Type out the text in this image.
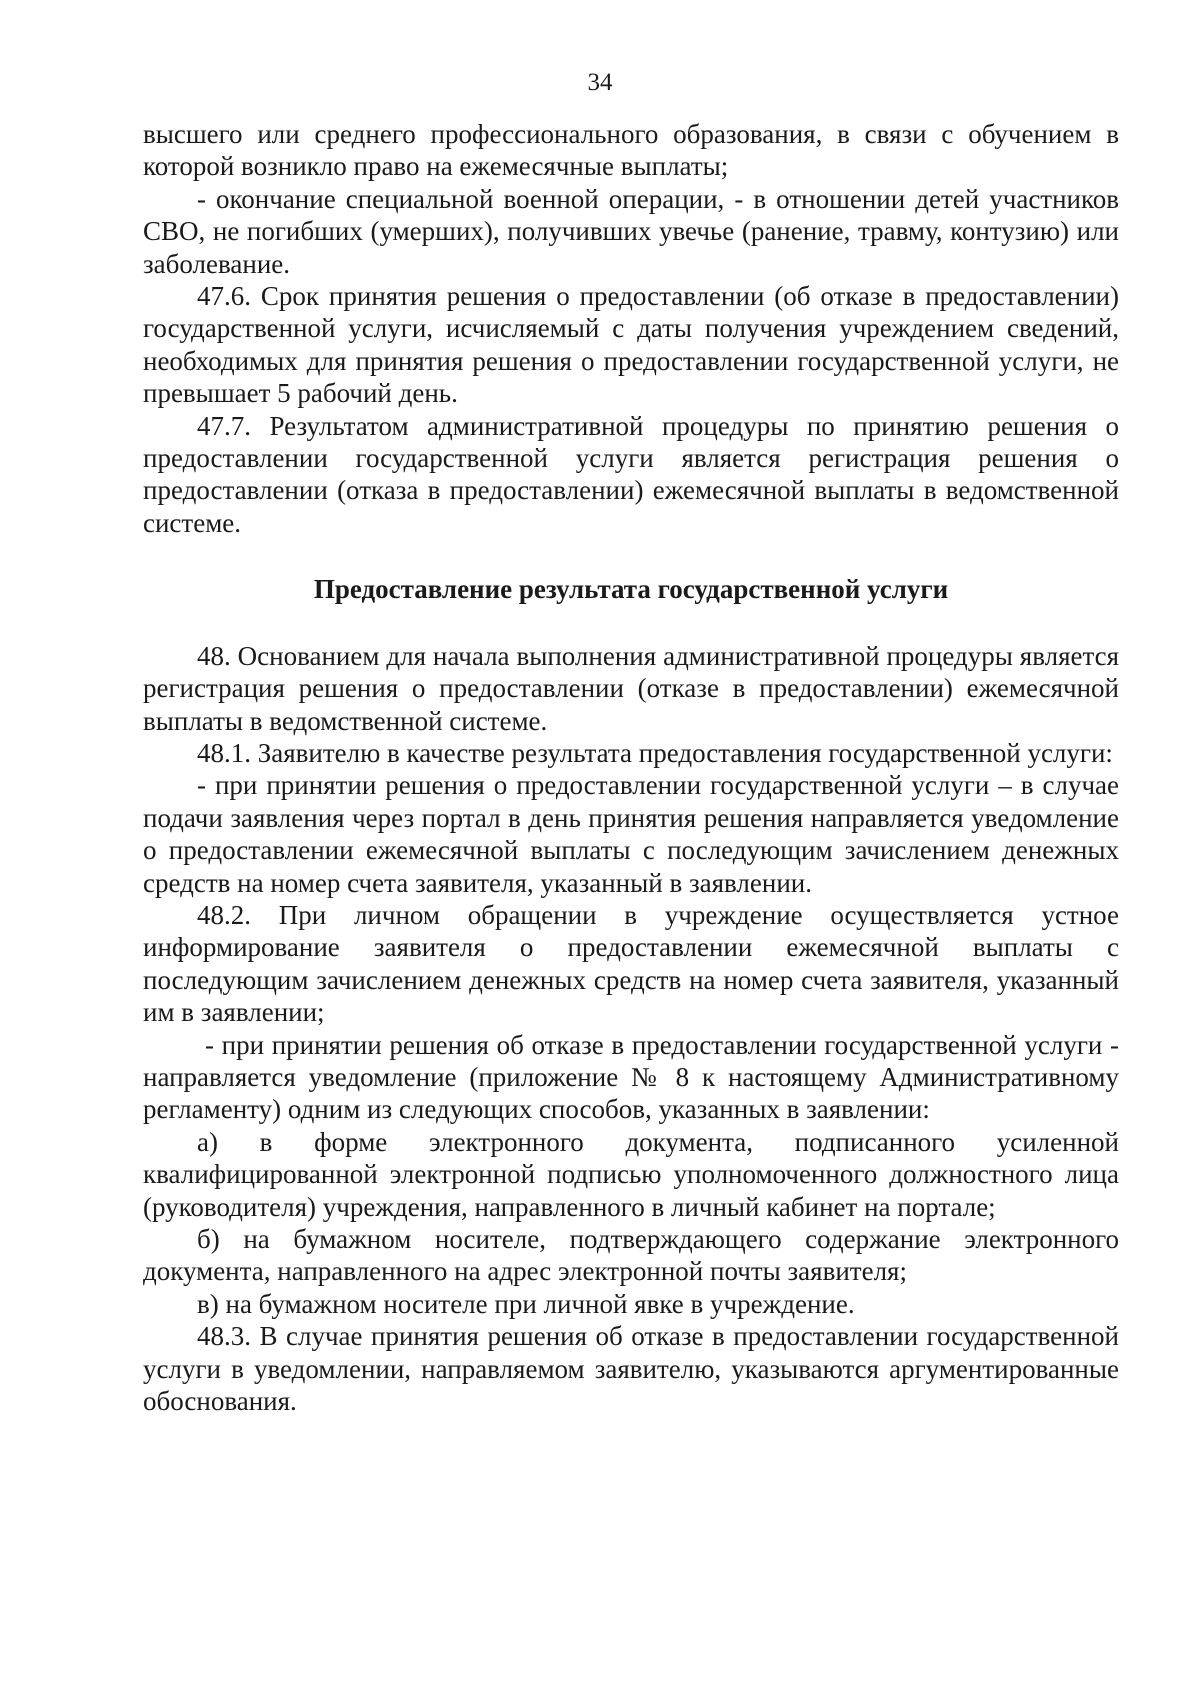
34

высшего или среднего профессионального образования, в связи с обучением в которой возникло право на ежемесячные выплаты;

- окончание специальной военной операции, - в отношении детей участников СВО, не погибших (умерших), получивших увечье (ранение, травму, контузию) или заболевание.

47.6. Срок принятия решения о предоставлении (об отказе в предоставлении) государственной услуги, исчисляемый с даты получения учреждением сведений, необходимых для принятия решения о предоставлении государственной услуги, не превышает 5 рабочий день.

47.7. Результатом административной процедуры по принятию решения о предоставлении государственной услуги является регистрация решения о предоставлении (отказа в предоставлении) ежемесячной выплаты в ведомственной системе.

Предоставление результата государственной услуги

48. Основанием для начала выполнения административной процедуры является регистрация решения о предоставлении (отказе в предоставлении) ежемесячной выплаты в ведомственной системе.

48.1. Заявителю в качестве результата предоставления государственной услуги:

- при принятии решения о предоставлении государственной услуги – в случае подачи заявления через портал в день принятия решения направляется уведомление о предоставлении ежемесячной выплаты с последующим зачислением денежных средств на номер счета заявителя, указанный в заявлении.

48.2. При личном обращении в учреждение осуществляется устное информирование заявителя о предоставлении ежемесячной выплаты с последующим зачислением денежных средств на номер счета заявителя, указанный им в заявлении;

- при принятии решения об отказе в предоставлении государственной услуги - направляется уведомление (приложение № 8 к настоящему Административному регламенту) одним из следующих способов, указанных в заявлении:

а) в форме электронного документа, подписанного усиленной квалифицированной электронной подписью уполномоченного должностного лица (руководителя) учреждения, направленного в личный кабинет на портале;

б) на бумажном носителе, подтверждающего содержание электронного документа, направленного на адрес электронной почты заявителя;

в) на бумажном носителе при личной явке в учреждение.

48.3. В случае принятия решения об отказе в предоставлении государственной услуги в уведомлении, направляемом заявителю, указываются аргументированные обоснования.
